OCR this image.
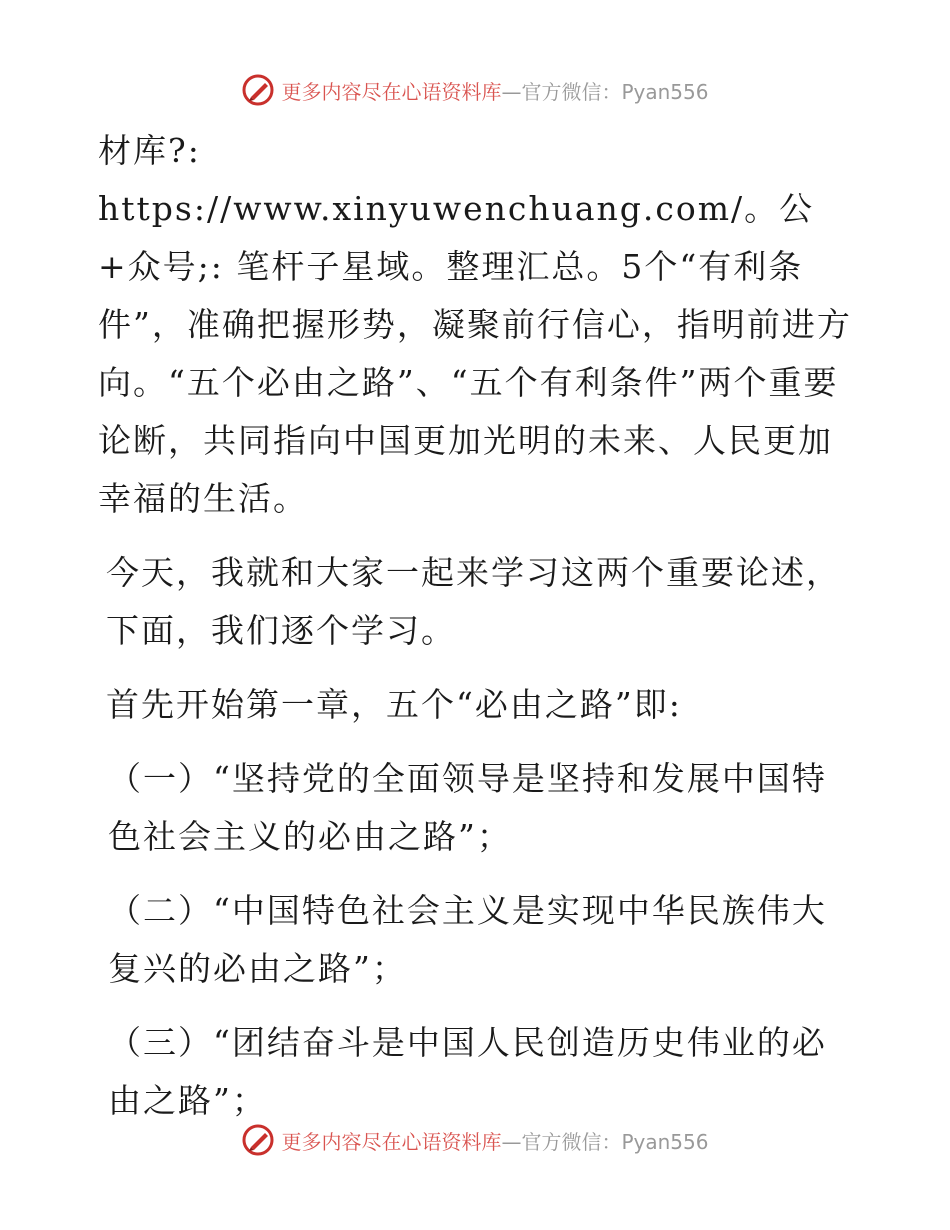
更多内容尽在心语资料库—官方微信：Pyan556

材库?: https://www.xinyuwenchuang.com/。公+众号;: 笔杆子星域。整理汇总。5个“有利条件”，准确把握形势，凝聚前行信心，指明前进方向。“五个必由之路”、“五个有利条件”两个重要论断，共同指向中国更加光明的未来、人民更加幸福的生活。

今天，我就和大家一起来学习这两个重要论述，下面，我们逐个学习。

首先开始第一章，五个“必由之路”即:

（一）“坚持党的全面领导是坚持和发展中国特色社会主义的必由之路”；

（二）“中国特色社会主义是实现中华民族伟大复兴的必由之路”；

（三）“团结奋斗是中国人民创造历史伟业的必由之路”；

更多内容尽在心语资料库—官方微信：Pyan556
